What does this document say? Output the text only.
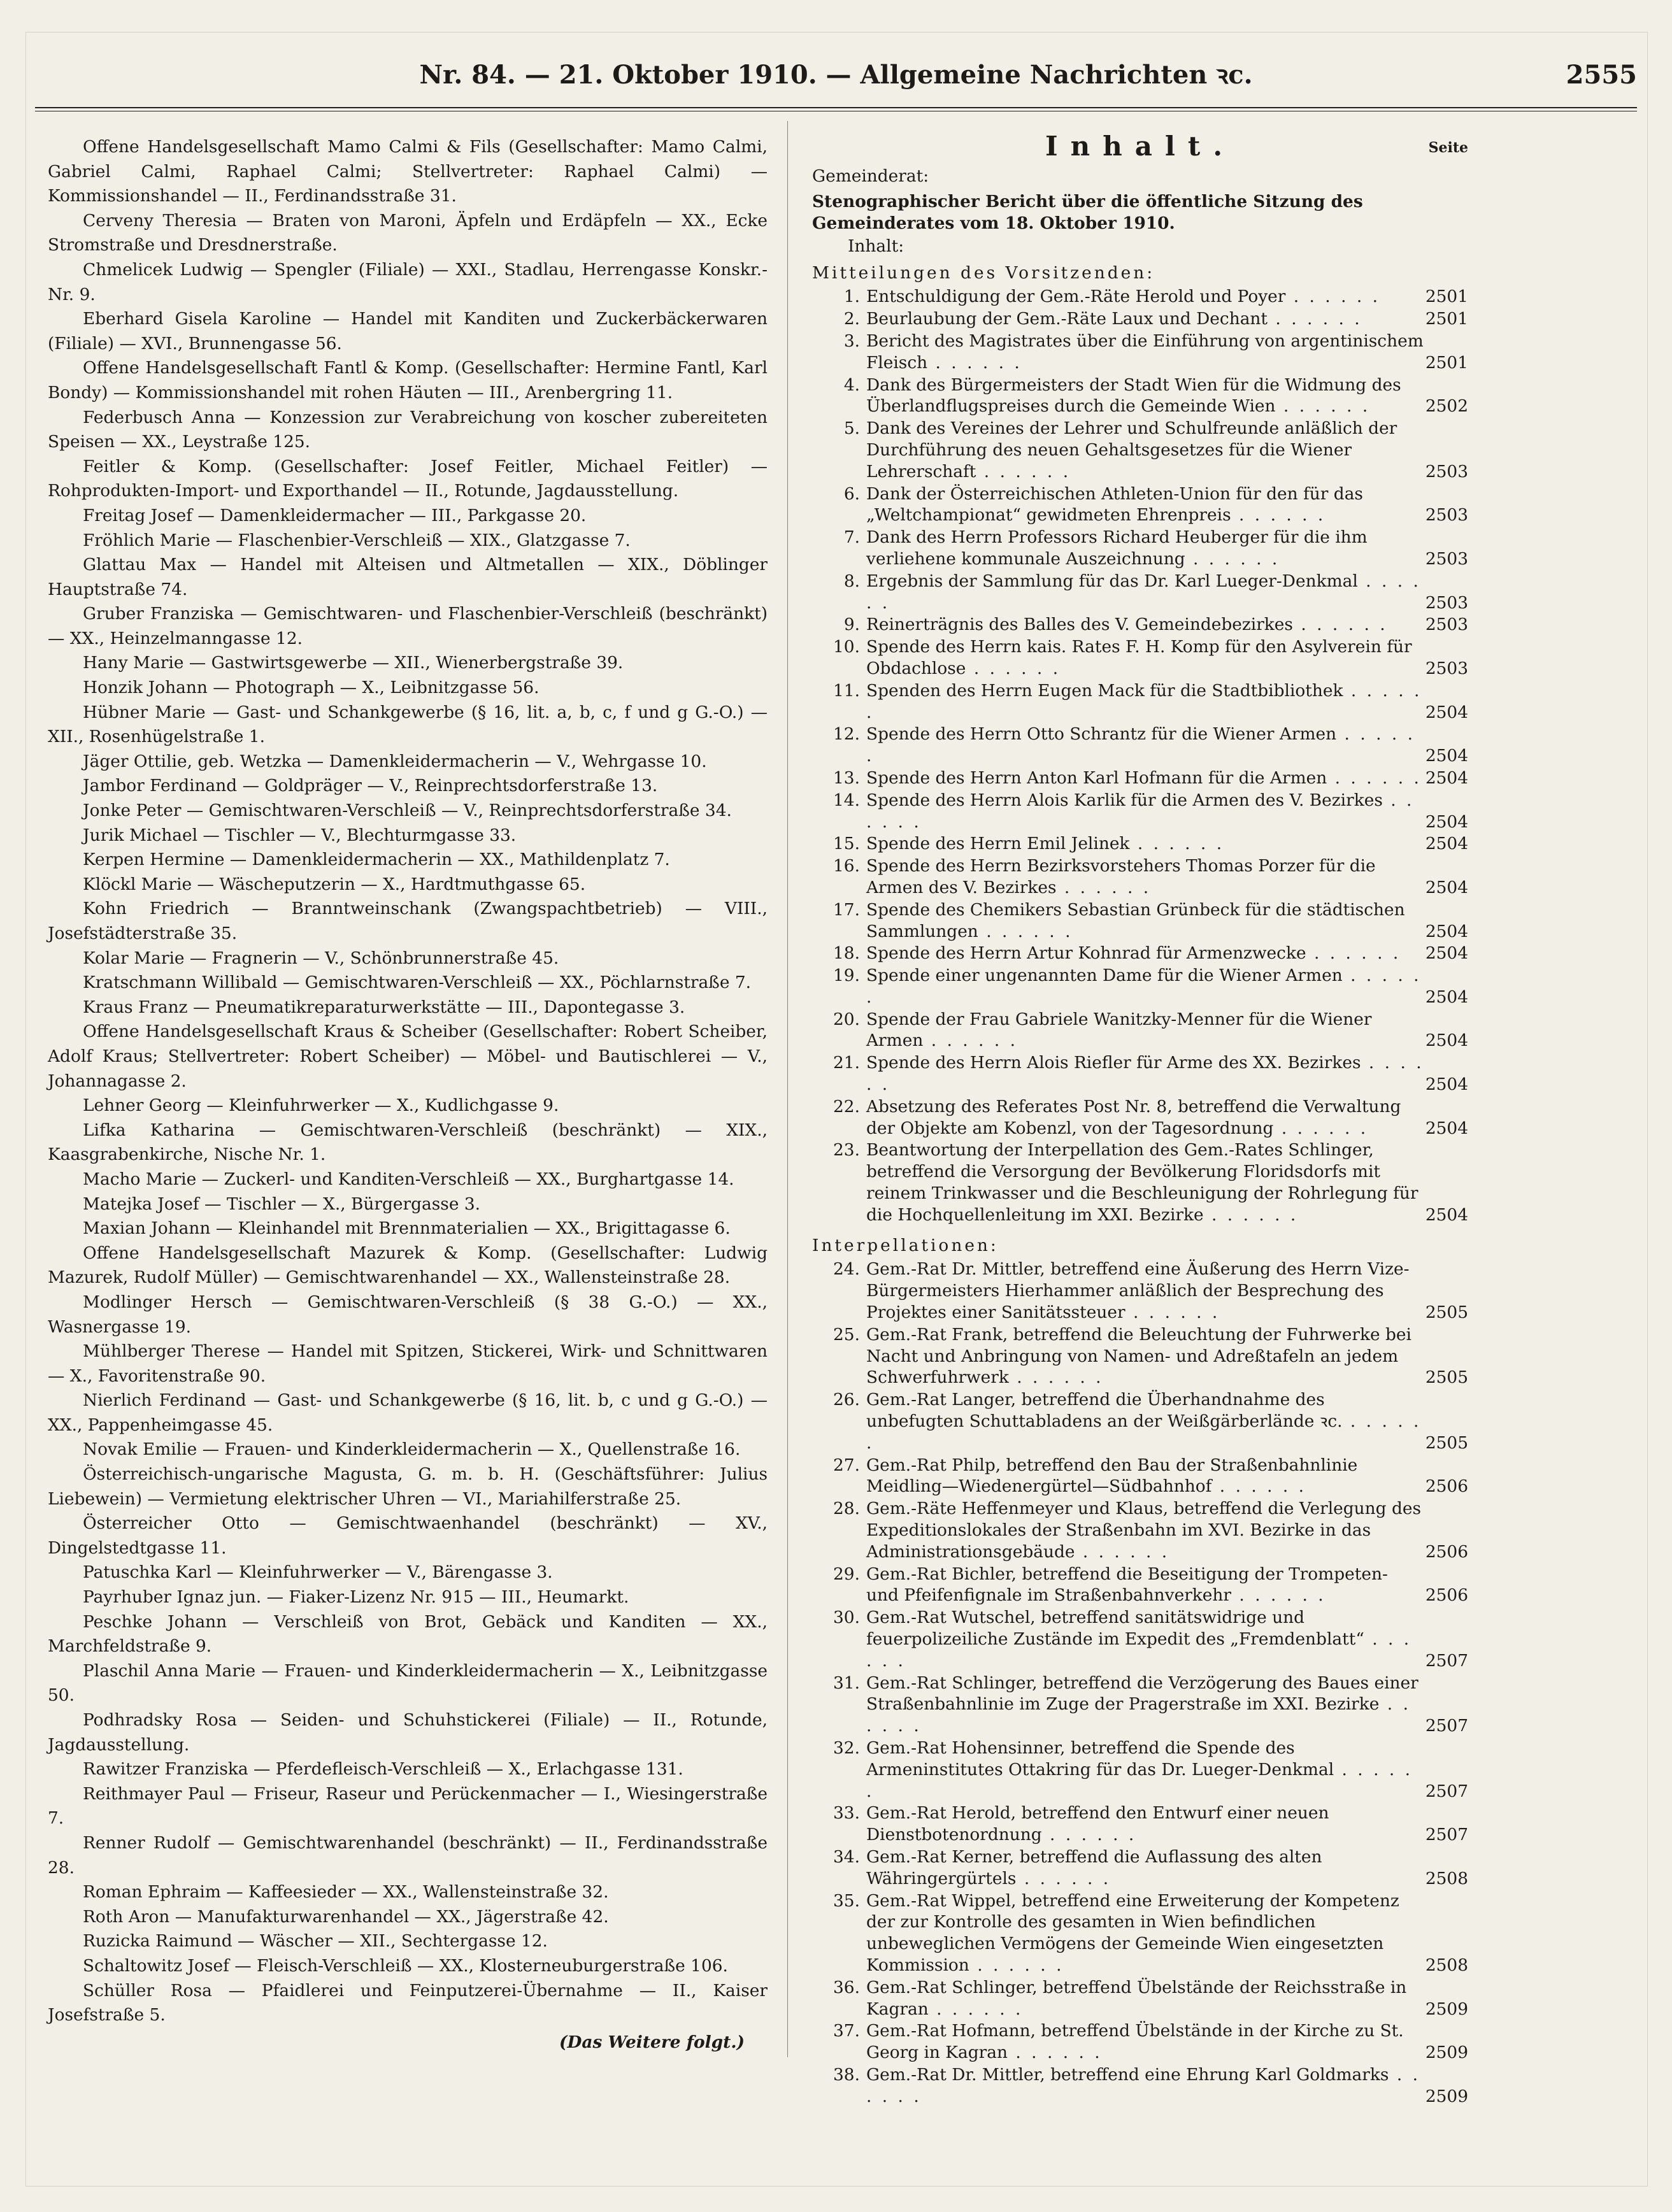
Nr. 84. — 21. Oktober 1910. — Allgemeine Nachrichten ꝛc.	2555
Offene Handelsgesellschaft Mamo Calmi & Fils (Gesellschafter: Mamo Calmi, Gabriel Calmi, Raphael Calmi; Stellvertreter: Raphael Calmi) — Kommissionshandel — II., Ferdinandsstraße 31.
Cerveny Theresia — Braten von Maroni, Äpfeln und Erdäpfeln — XX., Ecke Stromstraße und Dresdnerstraße.
Chmelicek Ludwig — Spengler (Filiale) — XXI., Stadlau, Herrengasse Konskr.-Nr. 9.
Eberhard Gisela Karoline — Handel mit Kanditen und Zuckerbäckerwaren (Filiale) — XVI., Brunnengasse 56.
Offene Handelsgesellschaft Fantl & Komp. (Gesellschafter: Hermine Fantl, Karl Bondy) — Kommissionshandel mit rohen Häuten — III., Arenbergring 11.
Federbusch Anna — Konzession zur Verabreichung von koscher zubereiteten Speisen — XX., Leystraße 125.
Feitler & Komp. (Gesellschafter: Josef Feitler, Michael Feitler) — Rohprodukten-Import- und Exporthandel — II., Rotunde, Jagdausstellung.
Freitag Josef — Damenkleidermacher — III., Parkgasse 20.
Fröhlich Marie — Flaschenbier-Verschleiß — XIX., Glatzgasse 7.
Glattau Max — Handel mit Alteisen und Altmetallen — XIX., Döblinger Hauptstraße 74.
Gruber Franziska — Gemischtwaren- und Flaschenbier-Verschleiß (beschränkt) — XX., Heinzelmanngasse 12.
Hany Marie — Gastwirtsgewerbe — XII., Wienerbergstraße 39.
Honzik Johann — Photograph — X., Leibnitzgasse 56.
Hübner Marie — Gast- und Schankgewerbe (§ 16, lit. a, b, c, f und g G.-O.) — XII., Rosenhügelstraße 1.
Jäger Ottilie, geb. Wetzka — Damenkleidermacherin — V., Wehrgasse 10.
Jambor Ferdinand — Goldpräger — V., Reinprechtsdorferstraße 13.
Jonke Peter — Gemischtwaren-Verschleiß — V., Reinprechtsdorferstraße 34.
Jurik Michael — Tischler — V., Blechturmgasse 33.
Kerpen Hermine — Damenkleidermacherin — XX., Mathildenplatz 7.
Klöckl Marie — Wäscheputzerin — X., Hardtmuthgasse 65.
Kohn Friedrich — Branntweinschank (Zwangspachtbetrieb) — VIII., Josefstädterstraße 35.
Kolar Marie — Fragnerin — V., Schönbrunnerstraße 45.
Kratschmann Willibald — Gemischtwaren-Verschleiß — XX., Pöchlarnstraße 7.
Kraus Franz — Pneumatikreparaturwerkstätte — III., Dapontegasse 3.
Offene Handelsgesellschaft Kraus & Scheiber (Gesellschafter: Robert Scheiber, Adolf Kraus; Stellvertreter: Robert Scheiber) — Möbel- und Bautischlerei — V., Johannagasse 2.
Lehner Georg — Kleinfuhrwerker — X., Kudlichgasse 9.
Lifka Katharina — Gemischtwaren-Verschleiß (beschränkt) — XIX., Kaasgrabenkirche, Nische Nr. 1.
Macho Marie — Zuckerl- und Kanditen-Verschleiß — XX., Burghartgasse 14.
Matejka Josef — Tischler — X., Bürgergasse 3.
Maxian Johann — Kleinhandel mit Brennmaterialien — XX., Brigittagasse 6.
Offene Handelsgesellschaft Mazurek & Komp. (Gesellschafter: Ludwig Mazurek, Rudolf Müller) — Gemischtwarenhandel — XX., Wallensteinstraße 28.
Modlinger Hersch — Gemischtwaren-Verschleiß (§ 38 G.-O.) — XX., Wasnergasse 19.
Mühlberger Therese — Handel mit Spitzen, Stickerei, Wirk- und Schnittwaren — X., Favoritenstraße 90.
Nierlich Ferdinand — Gast- und Schankgewerbe (§ 16, lit. b, c und g G.-O.) — XX., Pappenheimgasse 45.
Novak Emilie — Frauen- und Kinderkleidermacherin — X., Quellenstraße 16.
Österreichisch-ungarische Magusta, G. m. b. H. (Geschäftsführer: Julius Liebewein) — Vermietung elektrischer Uhren — VI., Mariahilferstraße 25.
Österreicher Otto — Gemischtwaenhandel (beschränkt) — XV., Dingelstedtgasse 11.
Patuschka Karl — Kleinfuhrwerker — V., Bärengasse 3.
Payrhuber Ignaz jun. — Fiaker-Lizenz Nr. 915 — III., Heumarkt.
Peschke Johann — Verschleiß von Brot, Gebäck und Kanditen — XX., Marchfeldstraße 9.
Plaschil Anna Marie — Frauen- und Kinderkleidermacherin — X., Leibnitzgasse 50.
Podhradsky Rosa — Seiden- und Schuhstickerei (Filiale) — II., Rotunde, Jagdausstellung.
Rawitzer Franziska — Pferdefleisch-Verschleiß — X., Erlachgasse 131.
Reithmayer Paul — Friseur, Raseur und Perückenmacher — I., Wiesingerstraße 7.
Renner Rudolf — Gemischtwarenhandel (beschränkt) — II., Ferdinandsstraße 28.
Roman Ephraim — Kaffeesieder — XX., Wallensteinstraße 32.
Roth Aron — Manufakturwarenhandel — XX., Jägerstraße 42.
Ruzicka Raimund — Wäscher — XII., Sechtergasse 12.
Schaltowitz Josef — Fleisch-Verschleiß — XX., Klosterneuburgerstraße 106.
Schüller Rosa — Pfaidlerei und Feinputzerei-Übernahme — II., Kaiser Josefstraße 5.
(Das Weitere folgt.)
Inhalt.	Seite
Gemeinderat:
Stenographischer Bericht über die öffentliche Sitzung des Gemeinderates vom 18. Oktober 1910.
Inhalt:
Mitteilungen des Vorsitzenden:
1. Entschuldigung der Gem.-Räte Herold und Poyer . . . . . .	2501
2. Beurlaubung der Gem.-Räte Laux und Dechant . . . . . .	2501
3. Bericht des Magistrates über die Einführung von argentinischem Fleisch . . . . . .	2501
4. Dank des Bürgermeisters der Stadt Wien für die Widmung des Überlandflugspreises durch die Gemeinde Wien . . . . . .	2502
5. Dank des Vereines der Lehrer und Schulfreunde anläßlich der Durchführung des neuen Gehaltsgesetzes für die Wiener Lehrerschaft . . . . . .	2503
6. Dank der Österreichischen Athleten-Union für den für das „Weltchampionat“ gewidmeten Ehrenpreis . . . . . .	2503
7. Dank des Herrn Professors Richard Heuberger für die ihm verliehene kommunale Auszeichnung . . . . . .	2503
8. Ergebnis der Sammlung für das Dr. Karl Lueger-Denkmal . . . . . .	2503
9. Reinerträgnis des Balles des V. Gemeindebezirkes . . . . . .	2503
10. Spende des Herrn kais. Rates F. H. Komp für den Asylverein für Obdachlose . . . . . .	2503
11. Spenden des Herrn Eugen Mack für die Stadtbibliothek . . . . . .	2504
12. Spende des Herrn Otto Schrantz für die Wiener Armen . . . . . .	2504
13. Spende des Herrn Anton Karl Hofmann für die Armen . . . . . . 2504
14. Spende des Herrn Alois Karlik für die Armen des V. Bezirkes . . . . . .	2504
15. Spende des Herrn Emil Jelinek . . . . . .	2504
16. Spende des Herrn Bezirksvorstehers Thomas Porzer für die Armen des V. Bezirkes . . . . . .	2504
17. Spende des Chemikers Sebastian Grünbeck für die städtischen Sammlungen . . . . . .	2504
18. Spende des Herrn Artur Kohnrad für Armenzwecke . . . . . .	2504
19. Spende einer ungenannten Dame für die Wiener Armen . . . . . .	2504
20. Spende der Frau Gabriele Wanitzky-Menner für die Wiener Armen . . . . . .	2504
21. Spende des Herrn Alois Riefler für Arme des XX. Bezirkes . . . . . .	2504
22. Absetzung des Referates Post Nr. 8, betreffend die Verwaltung der Objekte am Kobenzl, von der Tagesordnung . . . . . .	2504
23. Beantwortung der Interpellation des Gem.-Rates Schlinger, betreffend die Versorgung der Bevölkerung Floridsdorfs mit reinem Trinkwasser und die Beschleunigung der Rohrlegung für die Hochquellenleitung im XXI. Bezirke . . . . . .	2504
Interpellationen:
24. Gem.-Rat Dr. Mittler, betreffend eine Äußerung des Herrn Vize-Bürgermeisters Hierhammer anläßlich der Besprechung des Projektes einer Sanitätssteuer . . . . . .	2505
25. Gem.-Rat Frank, betreffend die Beleuchtung der Fuhrwerke bei Nacht und Anbringung von Namen- und Adreßtafeln an jedem Schwerfuhrwerk . . . . . .	2505
26. Gem.-Rat Langer, betreffend die Überhandnahme des unbefugten Schuttabladens an der Weißgärberlände ꝛc. . . . . . .	2505
27. Gem.-Rat Philp, betreffend den Bau der Straßenbahnlinie Meidling—Wiedenergürtel—Südbahnhof . . . . . .	2506
28. Gem.-Räte Heffenmeyer und Klaus, betreffend die Verlegung des Expeditionslokales der Straßenbahn im XVI. Bezirke in das Administrationsgebäude . . . . . .	2506
29. Gem.-Rat Bichler, betreffend die Beseitigung der Trompeten- und Pfeifenfignale im Straßenbahnverkehr . . . . . .	2506
30. Gem.-Rat Wutschel, betreffend sanitätswidrige und feuerpolizeiliche Zustände im Expedit des „Fremdenblatt“ . . . . . .	2507
31. Gem.-Rat Schlinger, betreffend die Verzögerung des Baues einer Straßenbahnlinie im Zuge der Pragerstraße im XXI. Bezirke . . . . . .	2507
32. Gem.-Rat Hohensinner, betreffend die Spende des Armeninstitutes Ottakring für das Dr. Lueger-Denkmal . . . . . .	2507
33. Gem.-Rat Herold, betreffend den Entwurf einer neuen Dienstbotenordnung . . . . . .	2507
34. Gem.-Rat Kerner, betreffend die Auflassung des alten Währingergürtels . . . . . .	2508
35. Gem.-Rat Wippel, betreffend eine Erweiterung der Kompetenz der zur Kontrolle des gesamten in Wien befindlichen unbeweglichen Vermögens der Gemeinde Wien eingesetzten Kommission . . . . . .	2508
36. Gem.-Rat Schlinger, betreffend Übelstände der Reichsstraße in Kagran . . . . . .	2509
37. Gem.-Rat Hofmann, betreffend Übelstände in der Kirche zu St. Georg in Kagran . . . . . .	2509
38. Gem.-Rat Dr. Mittler, betreffend eine Ehrung Karl Goldmarks . . . . . .	2509
